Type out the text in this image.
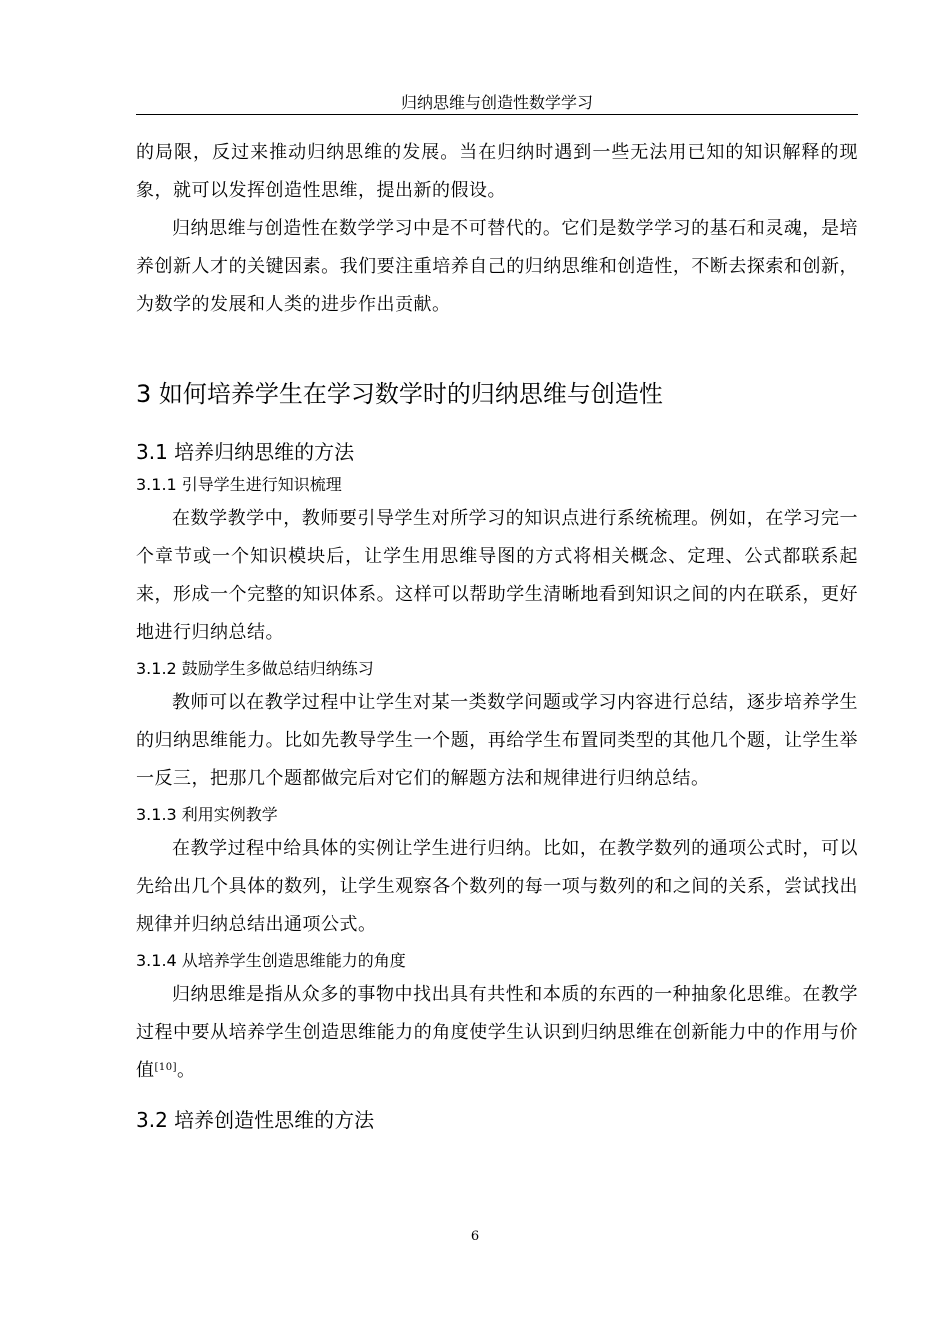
归纳思维与创造性数学学习

的局限，反过来推动归纳思维的发展。当在归纳时遇到一些无法用已知的知识解释的现象，就可以发挥创造性思维，提出新的假设。

归纳思维与创造性在数学学习中是不可替代的。它们是数学学习的基石和灵魂，是培养创新人才的关键因素。我们要注重培养自己的归纳思维和创造性，不断去探索和创新，为数学的发展和人类的进步作出贡献。

3 如何培养学生在学习数学时的归纳思维与创造性
3.1 培养归纳思维的方法
3.1.1 引导学生进行知识梳理

在数学教学中，教师要引导学生对所学习的知识点进行系统梳理。例如，在学习完一个章节或一个知识模块后，让学生用思维导图的方式将相关概念、定理、公式都联系起来，形成一个完整的知识体系。这样可以帮助学生清晰地看到知识之间的内在联系，更好地进行归纳总结。

3.1.2 鼓励学生多做总结归纳练习

教师可以在教学过程中让学生对某一类数学问题或学习内容进行总结，逐步培养学生的归纳思维能力。比如先教导学生一个题，再给学生布置同类型的其他几个题，让学生举一反三，把那几个题都做完后对它们的解题方法和规律进行归纳总结。

3.1.3 利用实例教学

在教学过程中给具体的实例让学生进行归纳。比如，在教学数列的通项公式时，可以先给出几个具体的数列，让学生观察各个数列的每一项与数列的和之间的关系，尝试找出规律并归纳总结出通项公式。

3.1.4 从培养学生创造思维能力的角度

归纳思维是指从众多的事物中找出具有共性和本质的东西的一种抽象化思维。在教学过程中要从培养学生创造思维能力的角度使学生认识到归纳思维在创新能力中的作用与价值[10]。

3.2 培养创造性思维的方法
6
